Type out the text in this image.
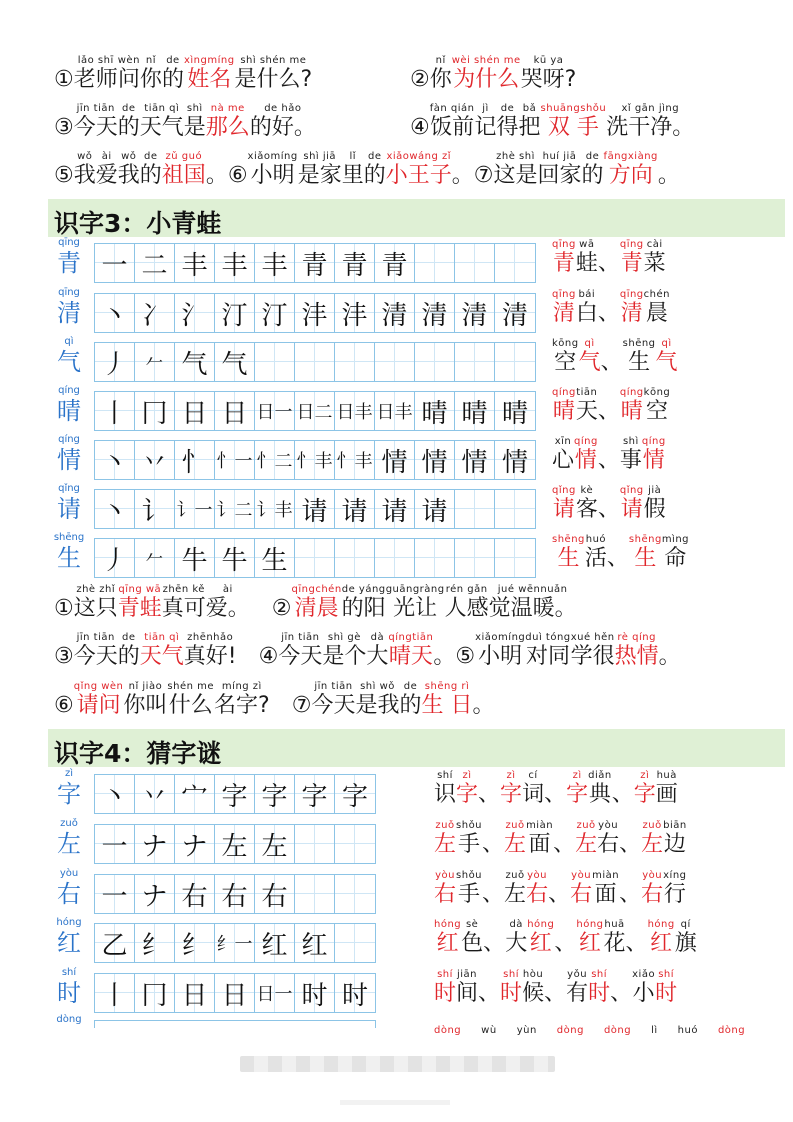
①
lǎo shī
老师
wèn
问
nǐ
你
de
的
xìngmíng
姓名
shì shén me
是什么?	②
nǐ
你
wèi shén me
为什么
kū ya
哭呀?
③
jīn tiān
今天
de
的
tiān qì
天气
shì
是
nà me
那么
de hǎo
的好。	④
fàn qián
饭前
jì
记
de
得
bǎ
把
shuāngshǒu
双 手
xǐ gān jìng
洗干净。
⑤
wǒ
我
ài
爱
wǒ
我
de
的
zǔ guó
祖国 。⑥
xiǎomíng
小明
shì jiā
是家
lǐ
里
de
的
xiǎowáng zǐ
小王子 。⑦
zhè shì
这是
huí jiā
回家
de
的
fāngxiàng
方向 。
识字3：小青蛙
qīng
青 一 二 丰 丰 丰 青 青 青
qīng
青
wā
蛙 、
qīng
青
cài
菜
qīng
清 丶 冫 氵 汀 汀 沣 沣 清 清 清 清
qīng
清
bái
白 、
qīng
清
chén
晨
qì
气 丿 𠂉 气 气
kōng
空
qì
气 、
shēng
生
qì
气
qíng
晴 丨 冂 日 日 日一 日二 日丰 日丰 晴 晴 晴
qíng
晴
tiān
天 、
qíng
晴
kōng
空
qíng
情 丶 丷 忄 忄一 忄二 忄丰 忄丰 情 情 情 情
xīn
心
qíng
情 、
shì
事
qíng
情
qǐng
请 丶 讠 讠一 讠二 讠丰 请 请 请 请
qǐng
请
kè
客 、
qǐng
请
jià
假
shēng
生 丿 𠂉 牛 牛 生
shēng
生
huó
活 、
shēng
生
mìng
命
①
zhè zhǐ
这只
qīng wā
青蛙
zhēn kě
真可
ài
爱。 　②
qīngchén
清晨
de yáng
的阳
guāngràng
光让
rén gǎn
人感
jué wēnnuǎn
觉温暖。
③
jīn tiān
今天
de
的
tiān qì
天气
zhēnhǎo
真好! 　④
jīn tiān
今天
shì gè
是个
dà
大
qíngtiān
晴天 。⑤
xiǎomíng
小明
duì tóng
对同
xué hěn
学很
rè qíng
热情 。
⑥
qǐng wèn
请问
nǐ jiào
你叫
shén me
什么
míng zì
名字? 　⑦
jīn tiān
今天
shì wǒ
是我
de
的
shēng rì
生 日 。
识字4：猜字谜
zì
字 丶 丷 宀 字 字 字 字
shí
识
zì
字 、
zì
字
cí
词 、
zì
字
diǎn
典 、
zì
字
huà
画
zuǒ
左 一 ナ ナ 左 左
zuǒ
左
shǒu
手 、
zuǒ
左
miàn
面 、
zuǒ
左
yòu
右 、
zuǒ
左
biān
边
yòu
右 一 ナ 右 右 右
yòu
右
shǒu
手 、
zuǒ
左
yòu
右 、
yòu
右
miàn
面 、
yòu
右
xíng
行
hóng
红 乙 纟 纟 纟一 红 红
hóng
红
sè
色 、
dà
大
hóng
红 、
hóng
红
huā
花 、
hóng
红
qí
旗
shí
时 丨 冂 日 日 日一 时 时
shí
时
jiān
间 、
shí
时
hòu
候 、
yǒu
有
shí
时 、
xiǎo
小
shí
时
dòng
dòng wù yùn dòng dòng lì huó dòng
